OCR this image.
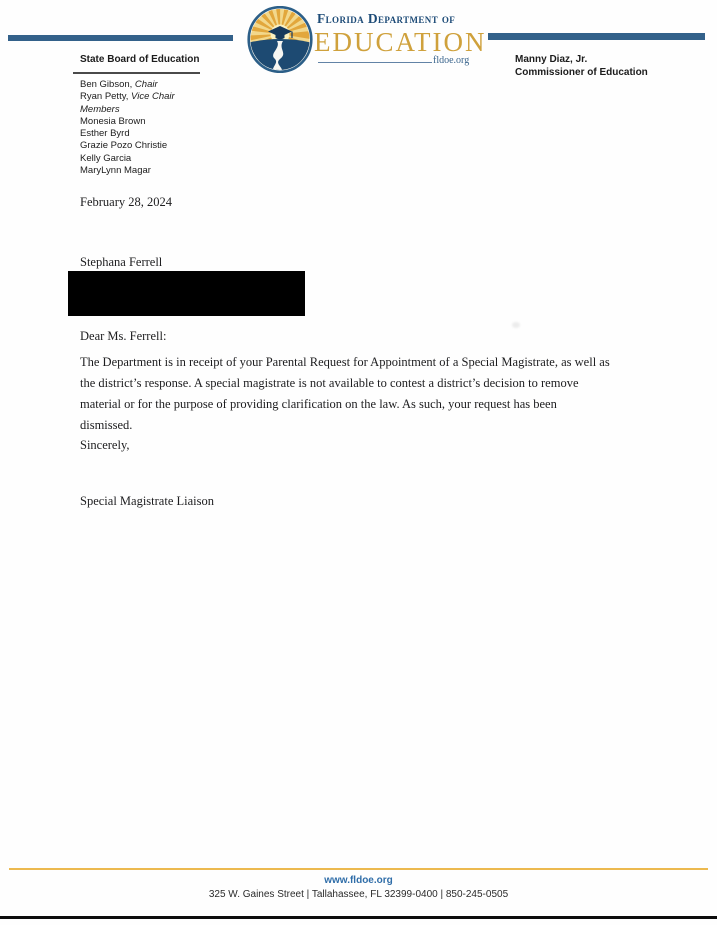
Florida Department of
EDUCATION
fldoe.org
State Board of Education
Ben Gibson, Chair
Ryan Petty, Vice Chair
Members
Monesia Brown
Esther Byrd
Grazie Pozo Christie
Kelly Garcia
MaryLynn Magar
Manny Diaz, Jr.
Commissioner of Education
February 28, 2024
Stephana Ferrell
Dear Ms. Ferrell:
The Department is in receipt of your Parental Request for Appointment of a Special Magistrate, as well as
the district’s response. A special magistrate is not available to contest a district’s decision to remove
material or for the purpose of providing clarification on the law. As such, your request has been
dismissed.
Sincerely,
Special Magistrate Liaison
www.fldoe.org
325 W. Gaines Street | Tallahassee, FL 32399-0400 | 850-245-0505
